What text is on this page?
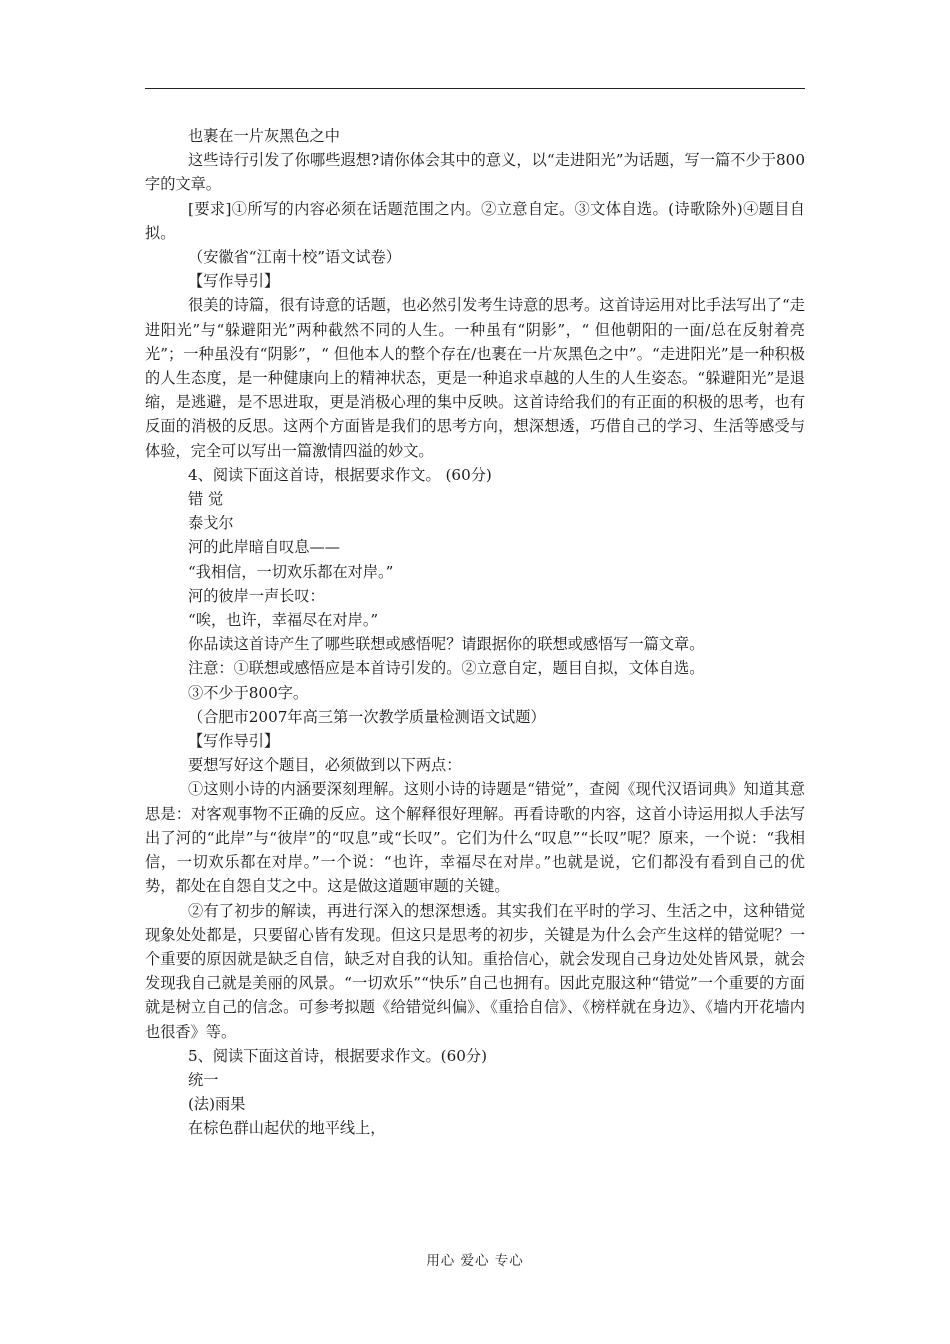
也裹在一片灰黑色之中

这些诗行引发了你哪些遐想?请你体会其中的意义，以“走进阳光”为话题，写一篇不少于800字的文章。

[要求]①所写的内容必须在话题范围之内。②立意自定。③文体自选。(诗歌除外)④题目自拟。

（安徽省“江南十校”语文试卷）

【写作导引】

很美的诗篇，很有诗意的话题，也必然引发考生诗意的思考。这首诗运用对比手法写出了“走进阳光”与“躲避阳光”两种截然不同的人生。一种虽有“阴影”，“ 但他朝阳的一面/总在反射着亮光”；一种虽没有“阴影”，“ 但他本人的整个存在/也裹在一片灰黑色之中”。“走进阳光”是一种积极的人生态度，是一种健康向上的精神状态，更是一种追求卓越的人生的人生姿态。“躲避阳光”是退缩，是逃避，是不思进取，更是消极心理的集中反映。这首诗给我们的有正面的积极的思考，也有反面的消极的反思。这两个方面皆是我们的思考方向，想深想透，巧借自己的学习、生活等感受与体验，完全可以写出一篇激情四溢的妙文。

4、阅读下面这首诗，根据要求作文。 (60分)

错 觉

泰戈尔

河的此岸暗自叹息——

“我相信，一切欢乐都在对岸。”

河的彼岸一声长叹：

“唉，也许，幸福尽在对岸。”

你品读这首诗产生了哪些联想或感悟呢？请跟据你的联想或感悟写一篇文章。

注意：①联想或感悟应是本首诗引发的。②立意自定，题目自拟，文体自选。

③不少于800字。

（合肥市2007年高三第一次教学质量检测语文试题）

【写作导引】

要想写好这个题目，必须做到以下两点：

①这则小诗的内涵要深刻理解。这则小诗的诗题是“错觉”，查阅《现代汉语词典》知道其意思是：对客观事物不正确的反应。这个解释很好理解。再看诗歌的内容，这首小诗运用拟人手法写出了河的“此岸”与“彼岸”的“叹息”或“长叹”。它们为什么“叹息”“长叹”呢？原来，一个说：“我相信，一切欢乐都在对岸。”一个说：“也许，幸福尽在对岸。”也就是说，它们都没有看到自己的优势，都处在自怨自艾之中。这是做这道题审题的关键。

②有了初步的解读，再进行深入的想深想透。其实我们在平时的学习、生活之中，这种错觉现象处处都是，只要留心皆有发现。但这只是思考的初步，关键是为什么会产生这样的错觉呢？一个重要的原因就是缺乏自信，缺乏对自我的认知。重拾信心，就会发现自己身边处处皆风景，就会发现我自己就是美丽的风景。“一切欢乐”“快乐”自己也拥有。因此克服这种“错觉”一个重要的方面就是树立自己的信念。可参考拟题《给错觉纠偏》、《重拾自信》、《榜样就在身边》、《墙内开花墙内也很香》等。

5、阅读下面这首诗，根据要求作文。(60分)

统一

(法)雨果

在棕色群山起伏的地平线上，

用心 爱心 专心
